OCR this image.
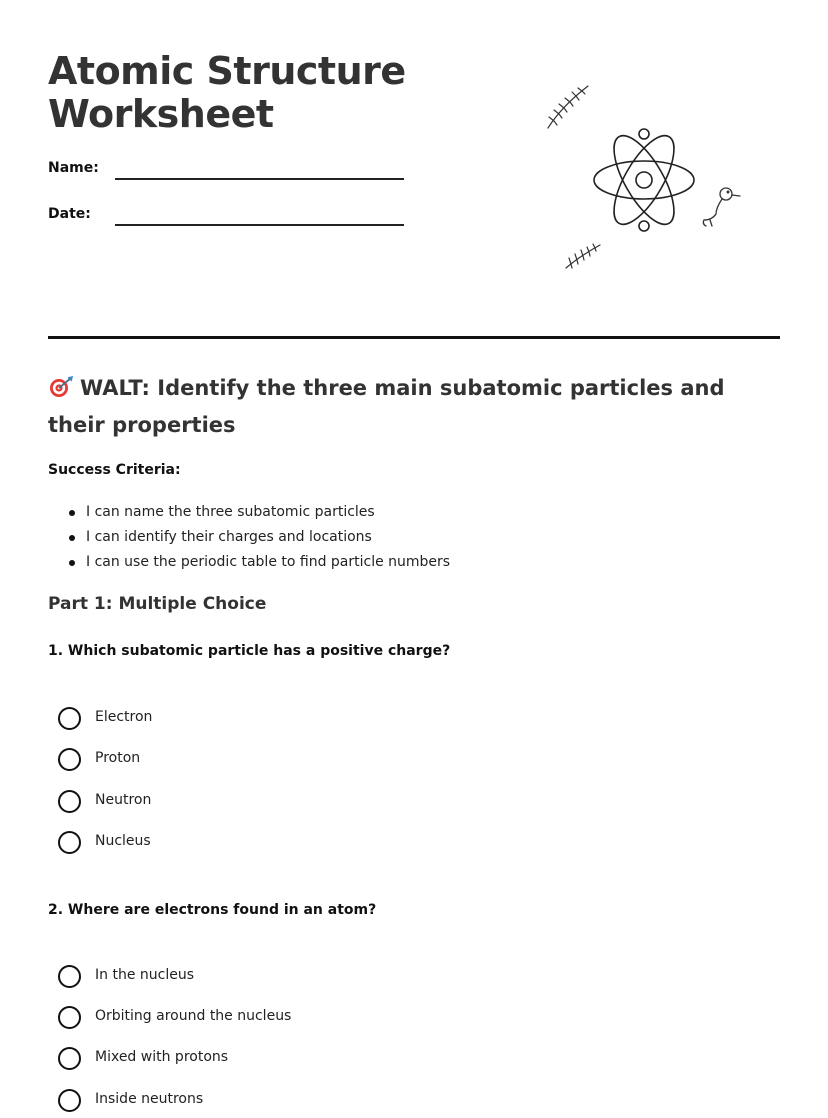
Atomic Structure
Worksheet
Name:
Date:
WALT: Identify the three main subatomic particles and their properties
Success Criteria:
I can name the three subatomic particles
I can identify their charges and locations
I can use the periodic table to find particle numbers
Part 1: Multiple Choice
1. Which subatomic particle has a positive charge?
Electron
Proton
Neutron
Nucleus
2. Where are electrons found in an atom?
In the nucleus
Orbiting around the nucleus
Mixed with protons
Inside neutrons
